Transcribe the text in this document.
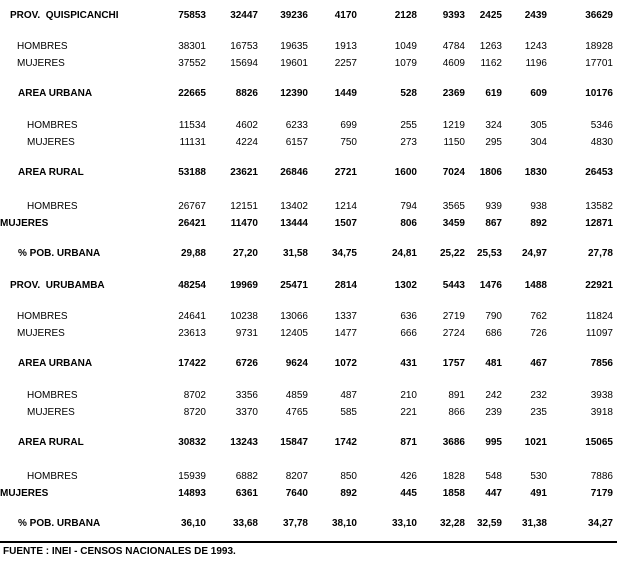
PROV.  QUISPICANCHI	75853	32447	39236	4170	2128	9393	2425	2439	36629
HOMBRES	38301	16753	19635	1913	1049	4784	1263	1243	18928
MUJERES	37552	15694	19601	2257	1079	4609	1162	1196	17701
AREA URBANA	22665	8826	12390	1449	528	2369	619	609	10176
HOMBRES	11534	4602	6233	699	255	1219	324	305	5346
MUJERES	11131	4224	6157	750	273	1150	295	304	4830
AREA RURAL	53188	23621	26846	2721	1600	7024	1806	1830	26453
HOMBRES	26767	12151	13402	1214	794	3565	939	938	13582
MUJERES	26421	11470	13444	1507	806	3459	867	892	12871
% POB. URBANA	29,88	27,20	31,58	34,75	24,81	25,22	25,53	24,97	27,78
PROV.  URUBAMBA	48254	19969	25471	2814	1302	5443	1476	1488	22921
HOMBRES	24641	10238	13066	1337	636	2719	790	762	11824
MUJERES	23613	9731	12405	1477	666	2724	686	726	11097
AREA URBANA	17422	6726	9624	1072	431	1757	481	467	7856
HOMBRES	8702	3356	4859	487	210	891	242	232	3938
MUJERES	8720	3370	4765	585	221	866	239	235	3918
AREA RURAL	30832	13243	15847	1742	871	3686	995	1021	15065
HOMBRES	15939	6882	8207	850	426	1828	548	530	7886
MUJERES	14893	6361	7640	892	445	1858	447	491	7179
% POB. URBANA	36,10	33,68	37,78	38,10	33,10	32,28	32,59	31,38	34,27
FUENTE : INEI - CENSOS NACIONALES DE 1993.
